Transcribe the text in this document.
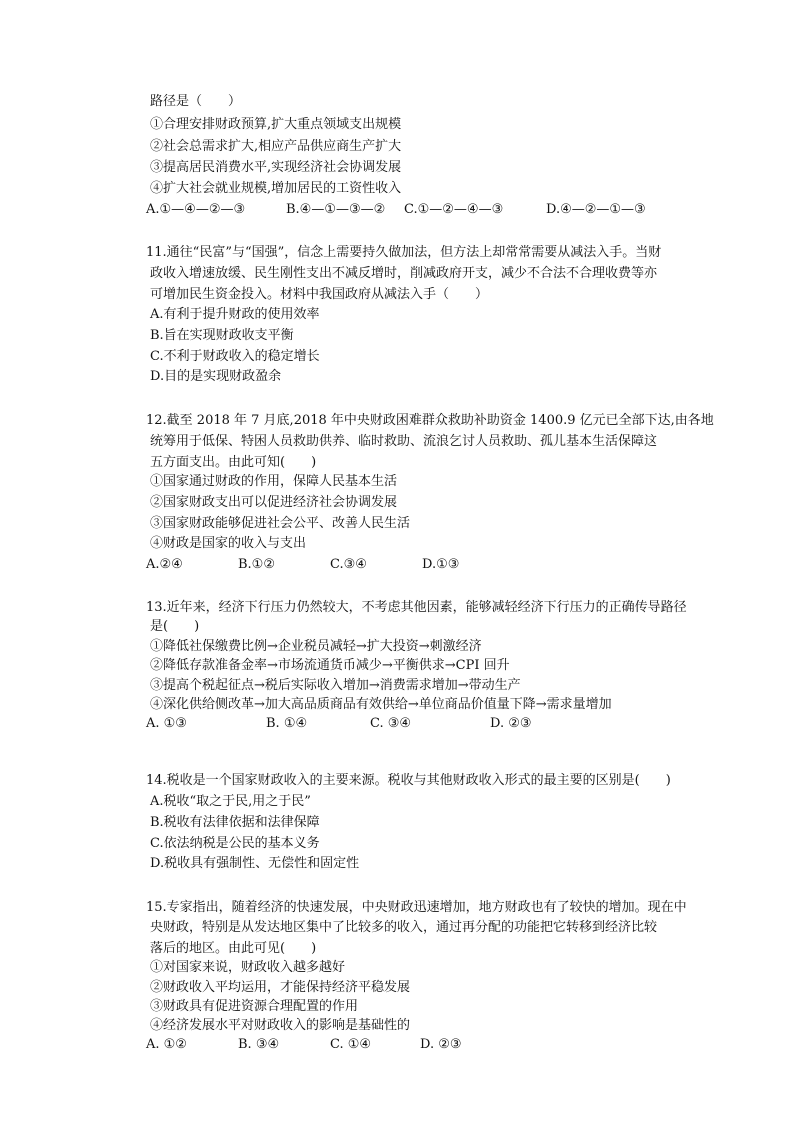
路径是（　　）
①合理安排财政预算,扩大重点领域支出规模
②社会总需求扩大,相应产品供应商生产扩大
③提高居民消费水平,实现经济社会协调发展
④扩大社会就业规模,增加居民的工资性收入
A.①—④—②—③	B.④—①—③—② C.①—②—④—③	D.④—②—①—③
11.通往“民富”与“国强”，信念上需要持久做加法，但方法上却常常需要从减法入手。当财
政收入增速放缓、民生刚性支出不减反增时，削减政府开支，减少不合法不合理收费等亦
可增加民生资金投入。材料中我国政府从减法入手（　　）
A.有利于提升财政的使用效率
B.旨在实现财政收支平衡
C.不利于财政收入的稳定增长
D.目的是实现财政盈余
12.截至 2018 年 7 月底,2018 年中央财政困难群众救助补助资金 1400.9 亿元已全部下达,由各地
统筹用于低保、特困人员救助供养、临时救助、流浪乞讨人员救助、孤儿基本生活保障这
五方面支出。由此可知(　　)
①国家通过财政的作用，保障人民基本生活
②国家财政支出可以促进经济社会协调发展
③国家财政能够促进社会公平、改善人民生活
④财政是国家的收入与支出
A.②④	B.①②	C.③④	D.①③
13.近年来，经济下行压力仍然较大，不考虑其他因素，能够减轻经济下行压力的正确传导路径
是(　　)
①降低社保缴费比例→企业税员减轻→扩大投资→刺激经济
②降低存款准备金率→市场流通货币减少→平衡供求→CPI 回升
③提高个税起征点→税后实际收入增加→消费需求增加→带动生产
④深化供给侧改革→加大高品质商品有效供给→单位商品价值量下降→需求量增加
A. ①③	B. ①④	C. ③④	D. ②③
14.税收是一个国家财政收入的主要来源。税收与其他财政收入形式的最主要的区别是(　　)
A.税收“取之于民,用之于民”
B.税收有法律依据和法律保障
C.依法纳税是公民的基本义务
D.税收具有强制性、无偿性和固定性
15.专家指出，随着经济的快速发展，中央财政迅速增加，地方财政也有了较快的增加。现在中
央财政，特别是从发达地区集中了比较多的收入，通过再分配的功能把它转移到经济比较
落后的地区。由此可见(　　)
①对国家来说，财政收入越多越好
②财政收入平均运用，才能保持经济平稳发展
③财政具有促进资源合理配置的作用
④经济发展水平对财政收入的影响是基础性的
A. ①②	B. ③④	C. ①④	D. ②③
